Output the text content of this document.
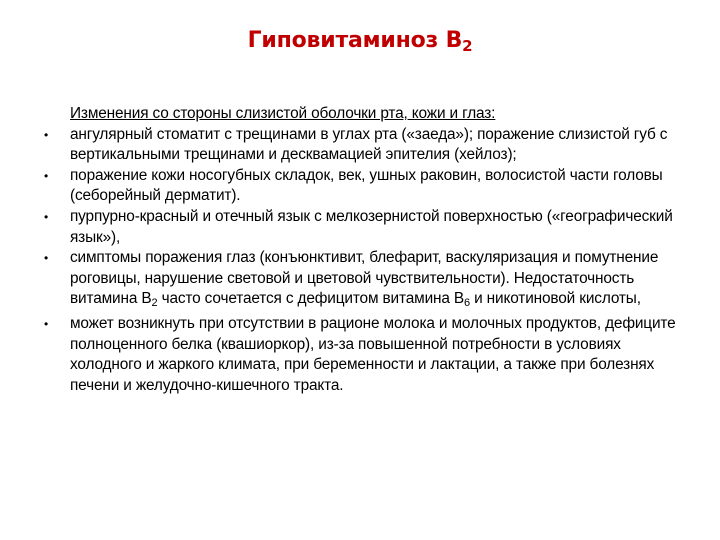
Гиповитаминоз $В_2$

Изменения со стороны слизистой оболочки рта, кожи и глаз:

• ангулярный стоматит с трещинами в углах рта («заеда»); поражение слизистой губ с вертикальными трещинами и десквамацией эпителия (хейлоз);
• поражение кожи носогубных складок, век, ушных раковин, волосистой части головы (себорейный дерматит).
• пурпурно-красный и отечный язык с мелкозернистой поверхностью («географический язык»),
• симптомы поражения глаз (конъюнктивит, блефарит, васкуляризация и помутнение роговицы, нарушение световой и цветовой чувствительности). Недостаточность витамина $В_2$ часто сочетается с дефицитом витамина $В_6$ и никотиновой кислоты,
• может возникнуть при отсутствии в рационе молока и молочных продуктов, дефиците полноценного белка (квашиоркор), из-за повышенной потребности в условиях холодного и жаркого климата, при беременности и лактации, а также при болезнях печени и желудочно-кишечного тракта.
